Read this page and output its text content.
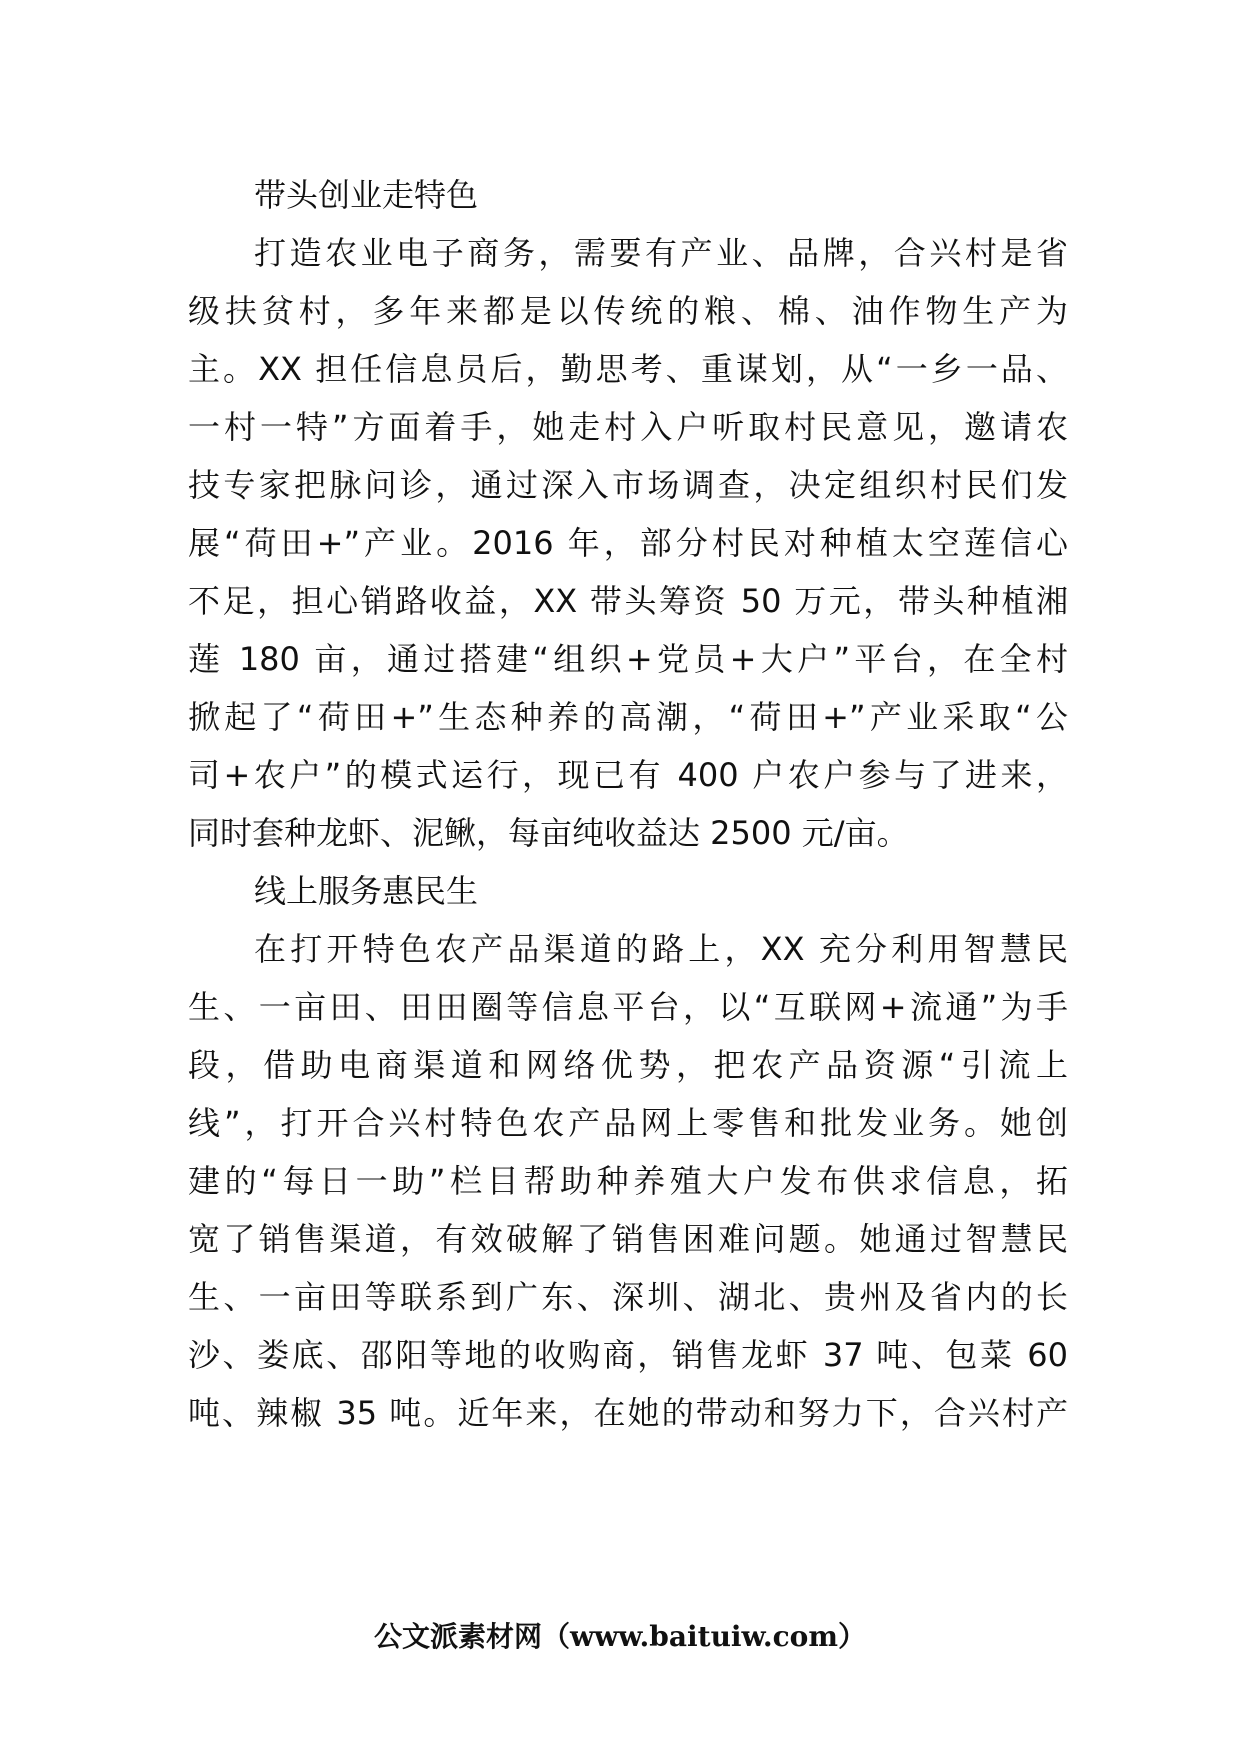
带头创业走特色
打造农业电子商务，需要有产业、品牌，合兴村是省
级扶贫村，多年来都是以传统的粮、棉、油作物生产为
主。XX 担任信息员后，勤思考、重谋划，从“一乡一品、
一村一特”方面着手，她走村入户听取村民意见，邀请农
技专家把脉问诊，通过深入市场调查，决定组织村民们发
展“荷田+”产业。2016 年，部分村民对种植太空莲信心
不足，担心销路收益，XX 带头筹资 50 万元，带头种植湘
莲 180 亩，通过搭建“组织+党员+大户”平台，在全村
掀起了“荷田+”生态种养的高潮，“荷田+”产业采取“公
司+农户”的模式运行，现已有 400 户农户参与了进来，
同时套种龙虾、泥鳅，每亩纯收益达 2500 元/亩。
线上服务惠民生
在打开特色农产品渠道的路上，XX 充分利用智慧民
生、一亩田、田田圈等信息平台，以“互联网+流通”为手
段，借助电商渠道和网络优势，把农产品资源“引流上
线”，打开合兴村特色农产品网上零售和批发业务。她创
建的“每日一助”栏目帮助种养殖大户发布供求信息，拓
宽了销售渠道，有效破解了销售困难问题。她通过智慧民
生、一亩田等联系到广东、深圳、湖北、贵州及省内的长
沙、娄底、邵阳等地的收购商，销售龙虾 37 吨、包菜 60
吨、辣椒 35 吨。近年来，在她的带动和努力下，合兴村产
公文派素材网（www.baituiw.com）
